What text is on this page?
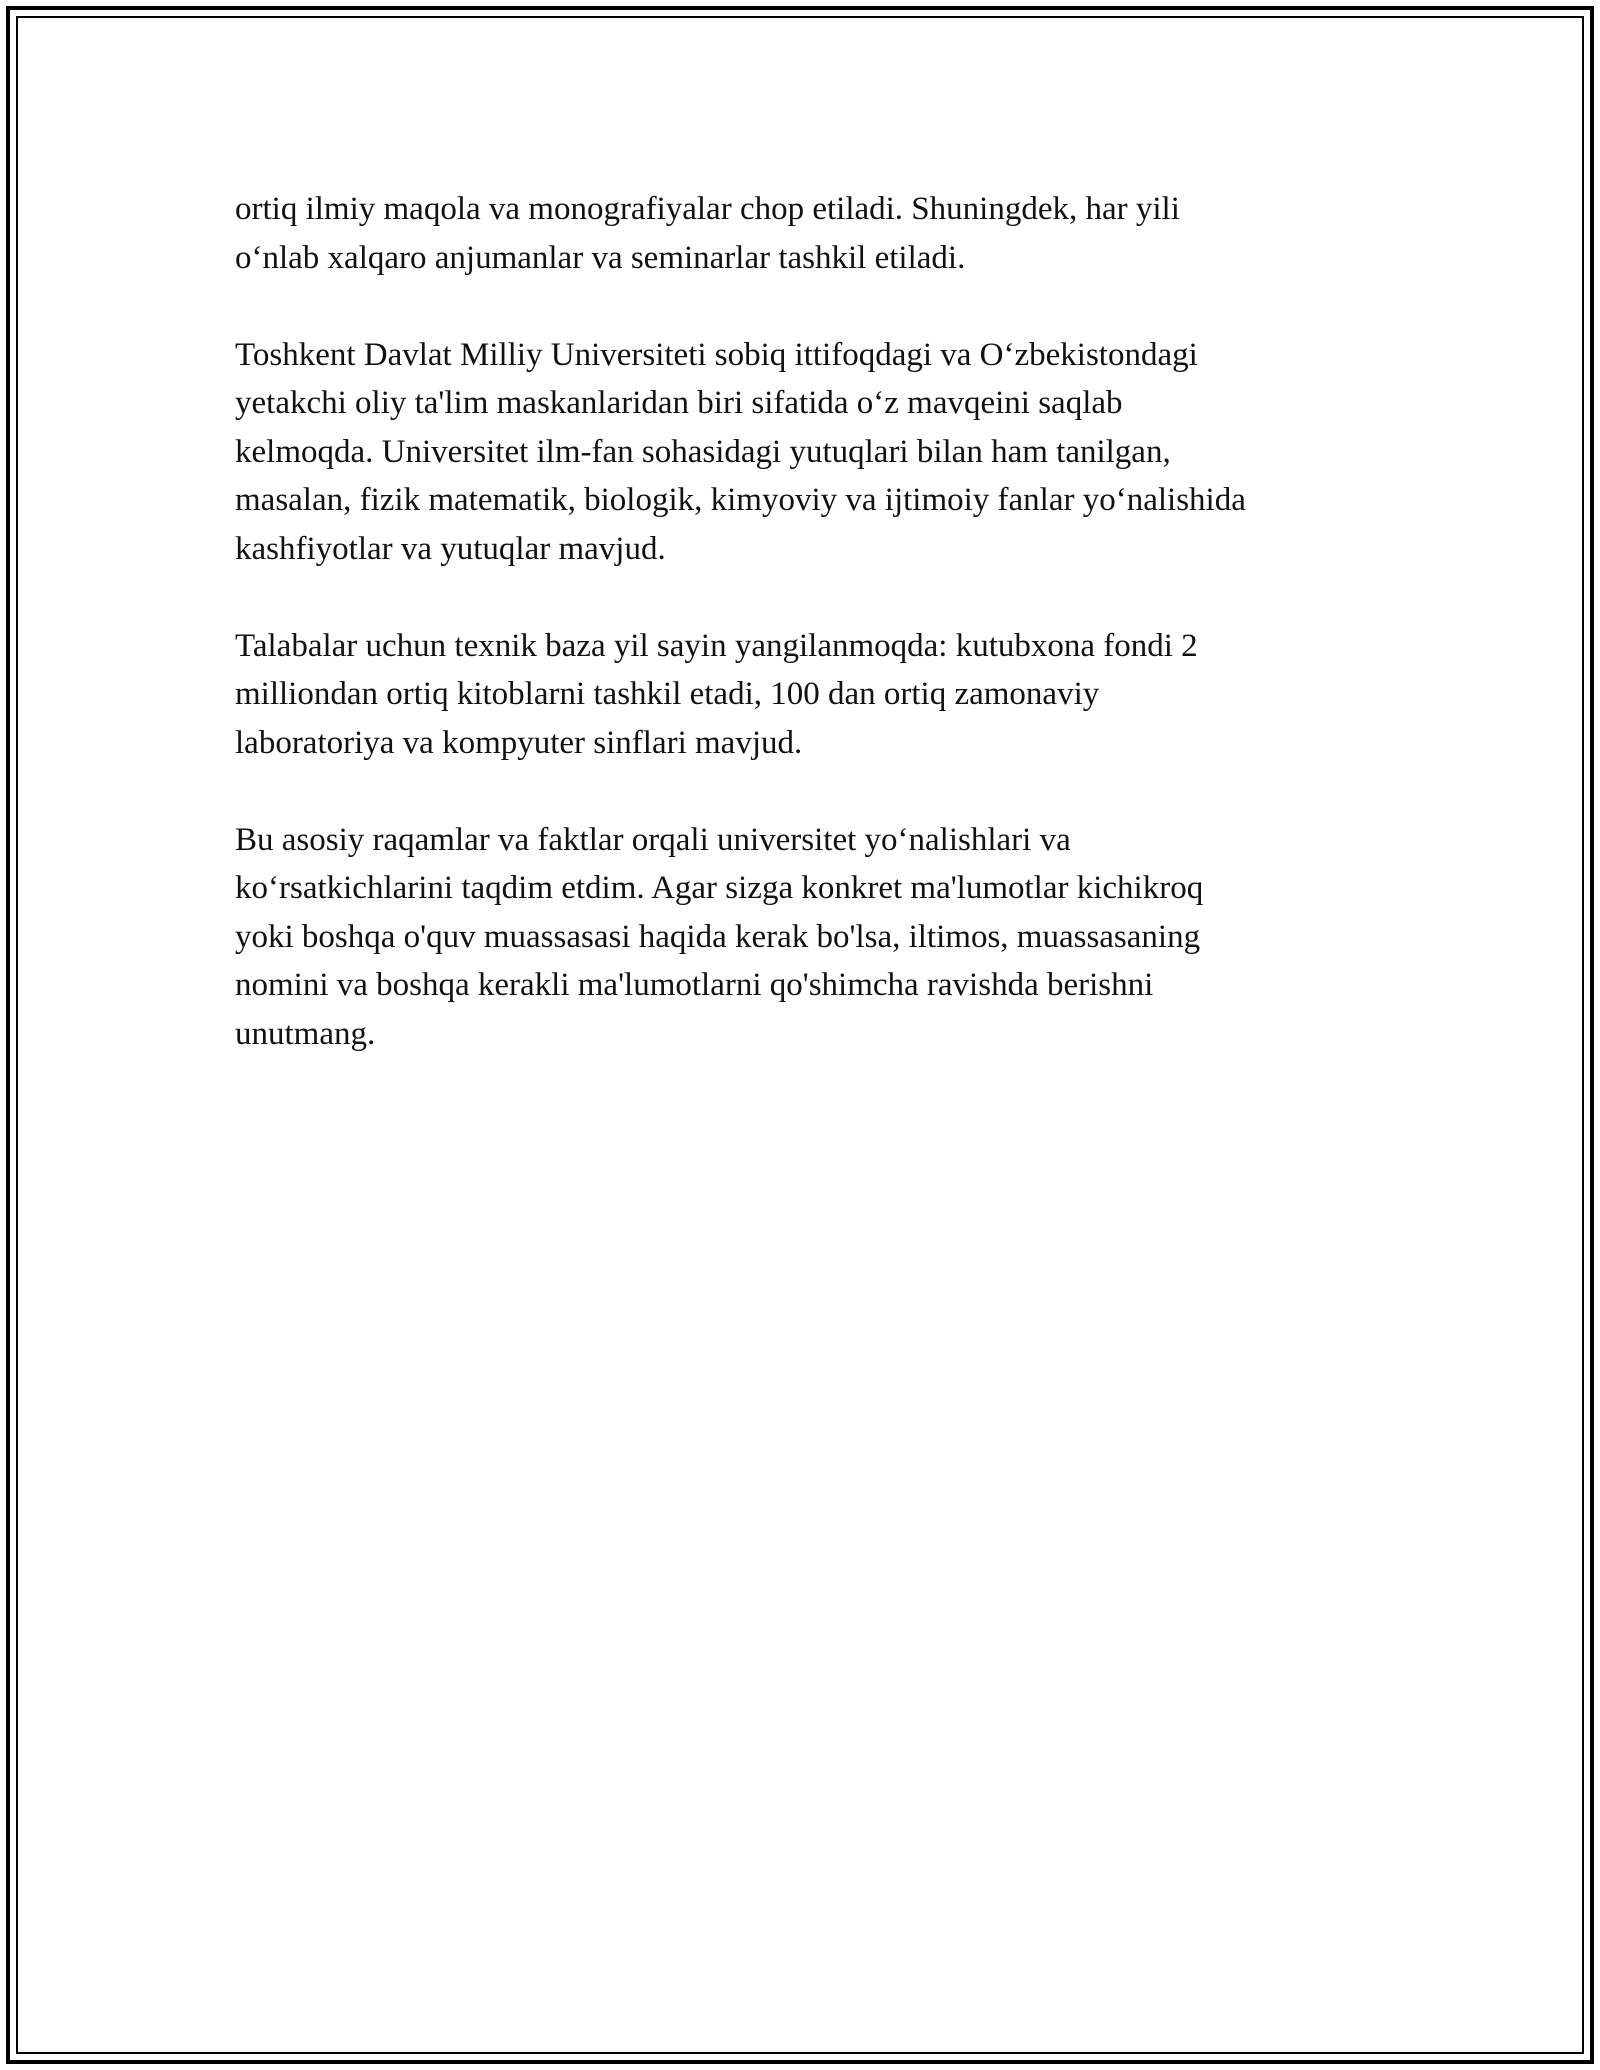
ortiq ilmiy maqola va monografiyalar chop etiladi. Shuningdek, har yili
o‘nlab xalqaro anjumanlar va seminarlar tashkil etiladi.

Toshkent Davlat Milliy Universiteti sobiq ittifoqdagi va O‘zbekistondagi
yetakchi oliy ta'lim maskanlaridan biri sifatida o‘z mavqeini saqlab
kelmoqda. Universitet ilm-fan sohasidagi yutuqlari bilan ham tanilgan,
masalan, fizik matematik, biologik, kimyoviy va ijtimoiy fanlar yo‘nalishida
kashfiyotlar va yutuqlar mavjud.

Talabalar uchun texnik baza yil sayin yangilanmoqda: kutubxona fondi 2
milliondan ortiq kitoblarni tashkil etadi, 100 dan ortiq zamonaviy
laboratoriya va kompyuter sinflari mavjud.

Bu asosiy raqamlar va faktlar orqali universitet yo‘nalishlari va
ko‘rsatkichlarini taqdim etdim. Agar sizga konkret ma'lumotlar kichikroq
yoki boshqa o'quv muassasasi haqida kerak bo'lsa, iltimos, muassasaning
nomini va boshqa kerakli ma'lumotlarni qo'shimcha ravishda berishni
unutmang.
